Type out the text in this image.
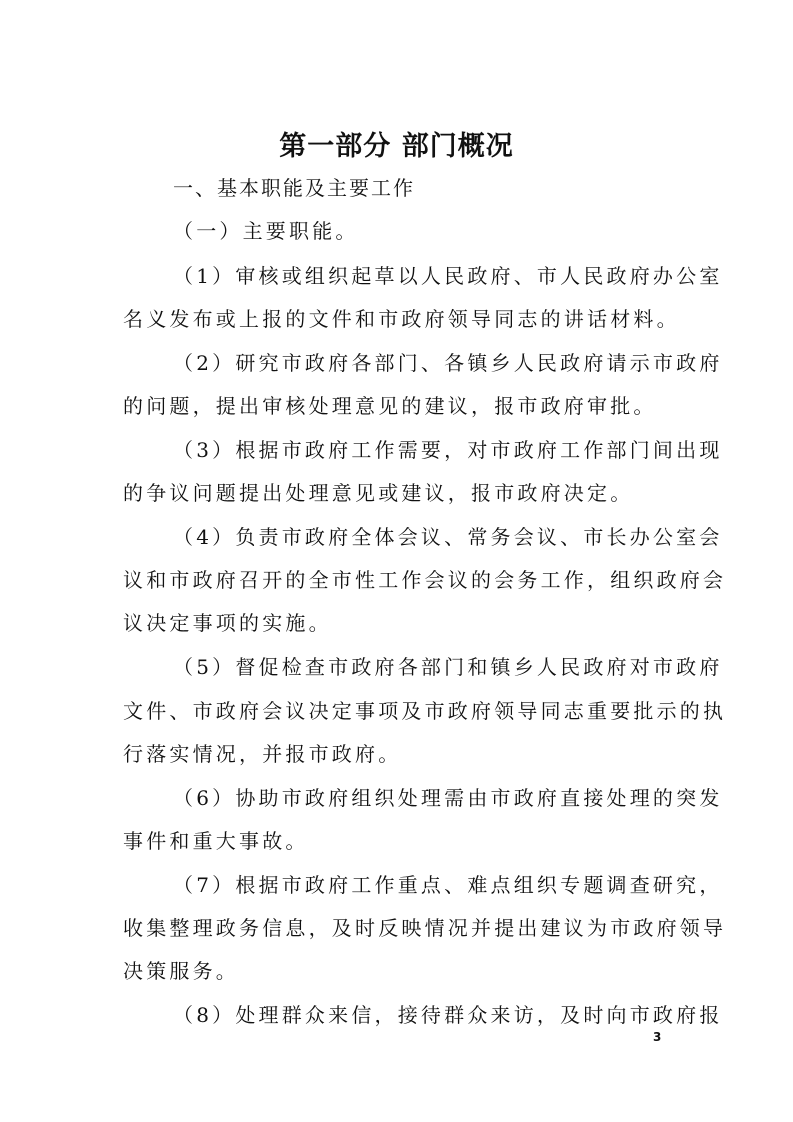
第一部分 部门概况
一、基本职能及主要工作
（一）主要职能。
（1）审核或组织起草以人民政府、市人民政府办公室
名义发布或上报的文件和市政府领导同志的讲话材料。
（2）研究市政府各部门、各镇乡人民政府请示市政府
的问题，提出审核处理意见的建议，报市政府审批。
（3）根据市政府工作需要，对市政府工作部门间出现
的争议问题提出处理意见或建议，报市政府决定。
（4）负责市政府全体会议、常务会议、市长办公室会
议和市政府召开的全市性工作会议的会务工作，组织政府会
议决定事项的实施。
（5）督促检查市政府各部门和镇乡人民政府对市政府
文件、市政府会议决定事项及市政府领导同志重要批示的执
行落实情况，并报市政府。
（6）协助市政府组织处理需由市政府直接处理的突发
事件和重大事故。
（7）根据市政府工作重点、难点组织专题调查研究，
收集整理政务信息，及时反映情况并提出建议为市政府领导
决策服务。
（8）处理群众来信，接待群众来访，及时向市政府报
3
